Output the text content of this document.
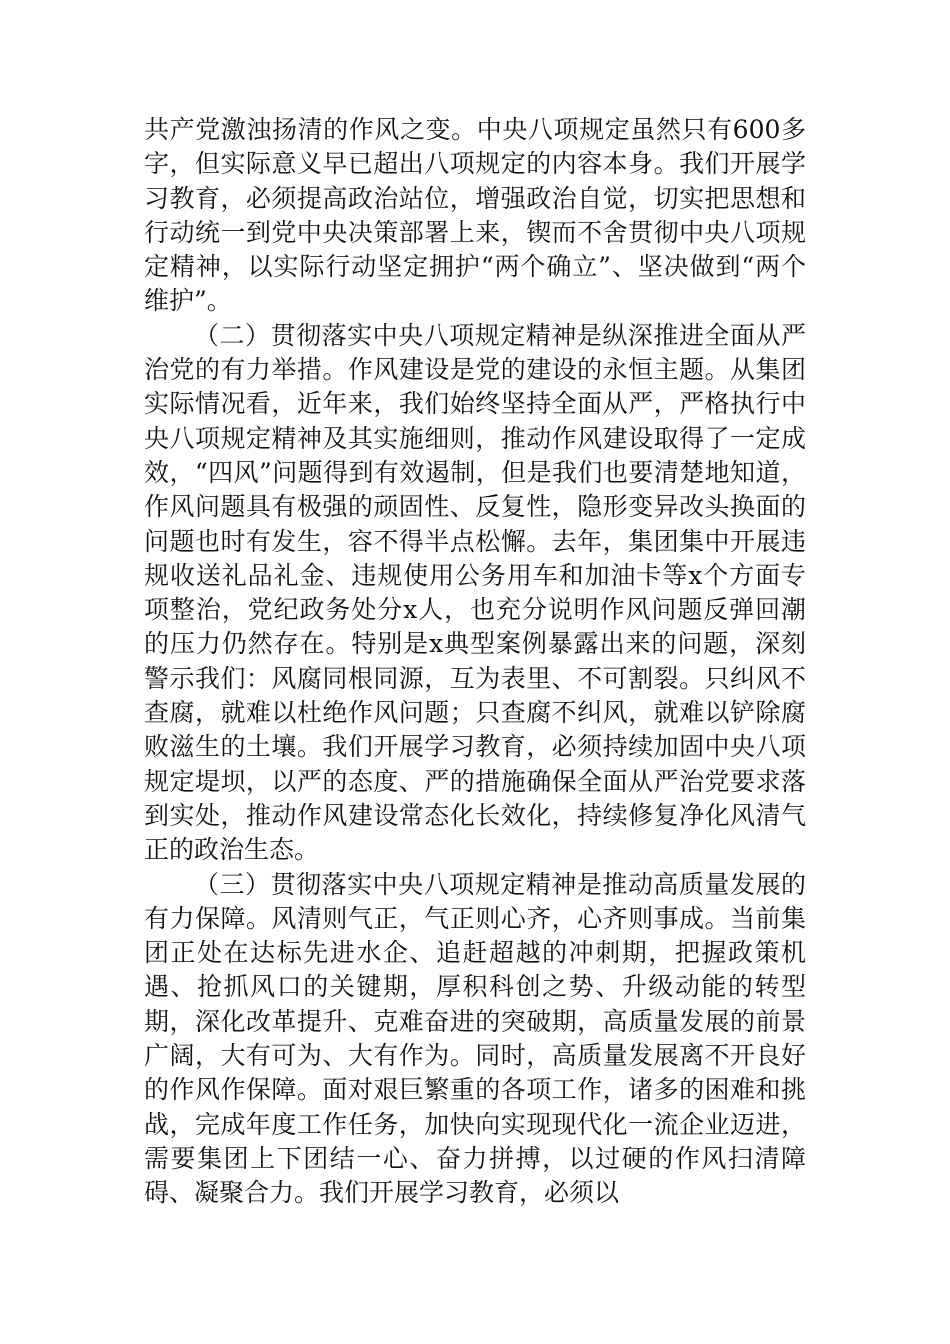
共产党激浊扬清的作风之变。中央八项规定虽然只有600多字，但实际意义早已超出八项规定的内容本身。我们开展学习教育，必须提高政治站位，增强政治自觉，切实把思想和行动统一到党中央决策部署上来，锲而不舍贯彻中央八项规定精神，以实际行动坚定拥护“两个确立”、坚决做到“两个维护”。

（二）贯彻落实中央八项规定精神是纵深推进全面从严治党的有力举措。作风建设是党的建设的永恒主题。从集团实际情况看，近年来，我们始终坚持全面从严，严格执行中央八项规定精神及其实施细则，推动作风建设取得了一定成效，“四风”问题得到有效遏制，但是我们也要清楚地知道，作风问题具有极强的顽固性、反复性，隐形变异改头换面的问题也时有发生，容不得半点松懈。去年，集团集中开展违规收送礼品礼金、违规使用公务用车和加油卡等x个方面专项整治，党纪政务处分x人，也充分说明作风问题反弹回潮的压力仍然存在。特别是x典型案例暴露出来的问题，深刻警示我们：风腐同根同源，互为表里、不可割裂。只纠风不查腐，就难以杜绝作风问题；只查腐不纠风，就难以铲除腐败滋生的土壤。我们开展学习教育，必须持续加固中央八项规定堤坝，以严的态度、严的措施确保全面从严治党要求落到实处，推动作风建设常态化长效化，持续修复净化风清气正的政治生态。

（三）贯彻落实中央八项规定精神是推动高质量发展的有力保障。风清则气正，气正则心齐，心齐则事成。当前集团正处在达标先进水企、追赶超越的冲刺期，把握政策机遇、抢抓风口的关键期，厚积科创之势、升级动能的转型期，深化改革提升、克难奋进的突破期，高质量发展的前景广阔，大有可为、大有作为。同时，高质量发展离不开良好的作风作保障。面对艰巨繁重的各项工作，诸多的困难和挑战，完成年度工作任务，加快向实现现代化一流企业迈进，需要集团上下团结一心、奋力拼搏，以过硬的作风扫清障碍、凝聚合力。我们开展学习教育，必须以
